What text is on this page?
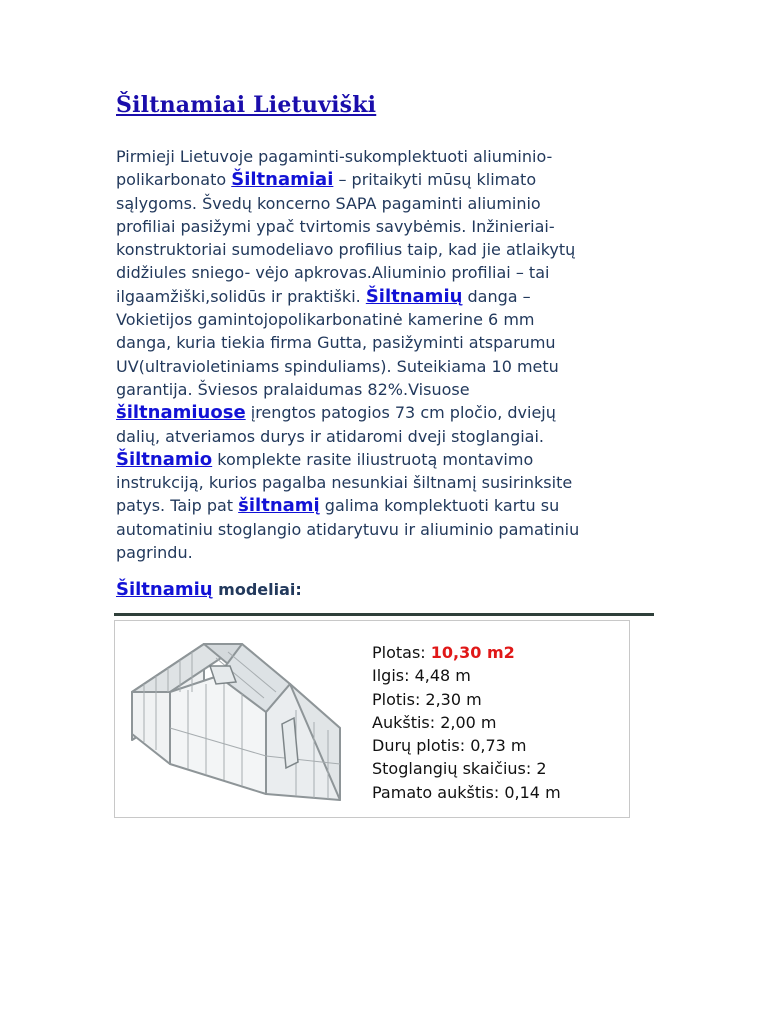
Šiltnamiai Lietuviški
Pirmieji Lietuvoje pagaminti-sukomplektuoti aliuminio-
polikarbonato Šiltnamiai – pritaikyti mūsų klimato
sąlygoms. Švedų koncerno SAPA pagaminti aliuminio
profiliai pasižymi ypač tvirtomis savybėmis. Inžinieriai-
konstruktoriai sumodeliavo profilius taip, kad jie atlaikytų
didžiules sniego- vėjo apkrovas.Aliuminio profiliai – tai
ilgaamžiški,solidūs ir praktiški. Šiltnamių danga –
Vokietijos gamintojopolikarbonatinė kamerine 6 mm
danga, kuria tiekia firma Gutta, pasižyminti atsparumu
UV(ultravioletiniams spinduliams). Suteikiama 10 metu
garantija. Šviesos pralaidumas 82%.Visuose
šiltnamiuose įrengtos patogios 73 cm pločio, dviejų
dalių, atveriamos durys ir atidaromi dveji stoglangiai.
Šiltnamio komplekte rasite iliustruotą montavimo
instrukciją, kurios pagalba nesunkiai šiltnamį susirinksite
patys. Taip pat šiltnamį galima komplektuoti kartu su
automatiniu stoglangio atidarytuvu ir aliuminio pamatiniu
pagrindu.
Šiltnamių modeliai:
Plotas: 10,30 m2
Ilgis: 4,48 m
Plotis: 2,30 m
Aukštis: 2,00 m
Durų plotis: 0,73 m
Stoglangių skaičius: 2
Pamato aukštis: 0,14 m
